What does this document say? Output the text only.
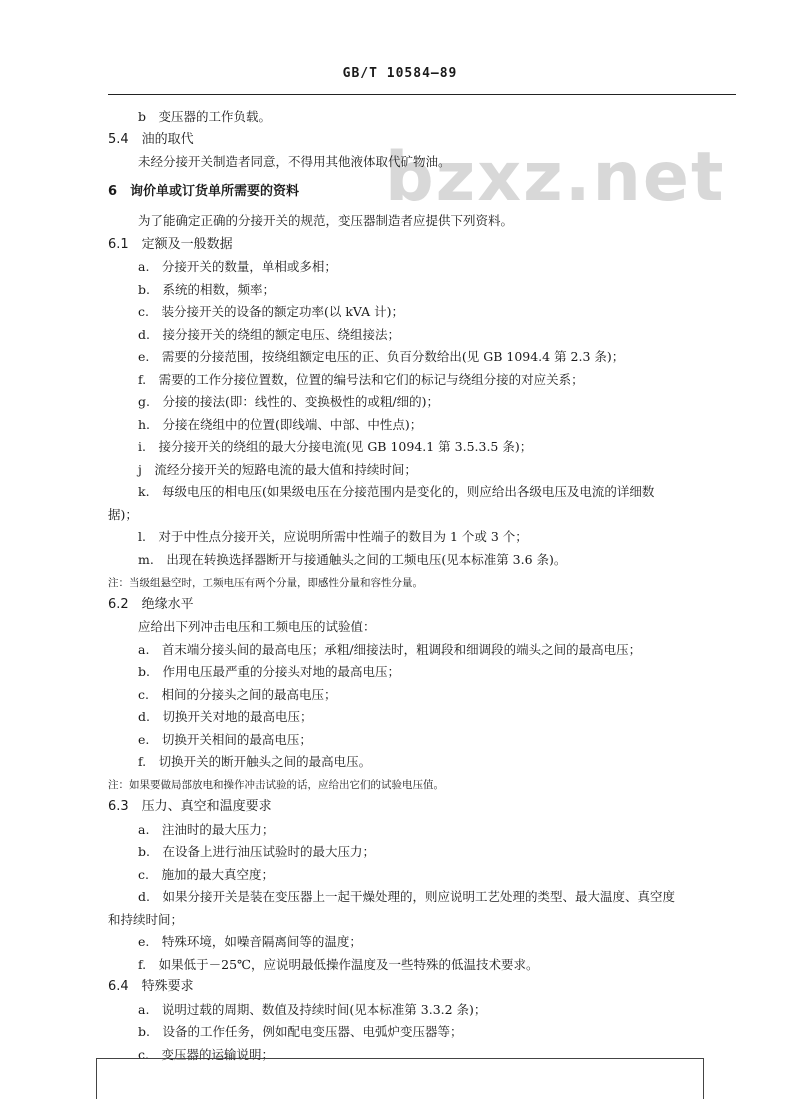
GB/T 10584—89
bzxz.net
b　变压器的工作负载。
5.4　油的取代
未经分接开关制造者同意，不得用其他液体取代矿物油。
6　询价单或订货单所需要的资料
为了能确定正确的分接开关的规范，变压器制造者应提供下列资料。
6.1　定额及一般数据
a.　分接开关的数量，单相或多相；
b.　系统的相数，频率；
c.　装分接开关的设备的额定功率(以 kVA 计)；
d.　接分接开关的绕组的额定电压、绕组接法；
e.　需要的分接范围，按绕组额定电压的正、负百分数给出(见 GB 1094.4 第 2.3 条)；
f.　需要的工作分接位置数，位置的编号法和它们的标记与绕组分接的对应关系；
g.　分接的接法(即：线性的、变换极性的或粗/细的)；
h.　分接在绕组中的位置(即线端、中部、中性点)；
i.　接分接开关的绕组的最大分接电流(见 GB 1094.1 第 3.5.3.5 条)；
j　流经分接开关的短路电流的最大值和持续时间；
k.　每级电压的相电压(如果级电压在分接范围内是变化的，则应给出各级电压及电流的详细数
据)；
l.　对于中性点分接开关，应说明所需中性端子的数目为 1 个或 3 个；
m.　出现在转换选择器断开与接通触头之间的工频电压(见本标准第 3.6 条)。
注：当级组悬空时，工频电压有两个分量，即感性分量和容性分量。
6.2　绝缘水平
应给出下列冲击电压和工频电压的试验值：
a.　首末端分接头间的最高电压；承粗/细接法时，粗调段和细调段的端头之间的最高电压；
b.　作用电压最严重的分接头对地的最高电压；
c.　相间的分接头之间的最高电压；
d.　切换开关对地的最高电压；
e.　切换开关相间的最高电压；
f.　切换开关的断开触头之间的最高电压。
注：如果要做局部放电和操作冲击试验的话，应给出它们的试验电压值。
6.3　压力、真空和温度要求
a.　注油时的最大压力；
b.　在设备上进行油压试验时的最大压力；
c.　施加的最大真空度；
d.　如果分接开关是装在变压器上一起干燥处理的，则应说明工艺处理的类型、最大温度、真空度
和持续时间；
e.　特殊环境，如噪音隔离间等的温度；
f.　如果低于－25℃，应说明最低操作温度及一些特殊的低温技术要求。
6.4　特殊要求
a.　说明过载的周期、数值及持续时间(见本标准第 3.3.2 条)；
b.　设备的工作任务，例如配电变压器、电弧炉变压器等；
c.　变压器的运输说明；
